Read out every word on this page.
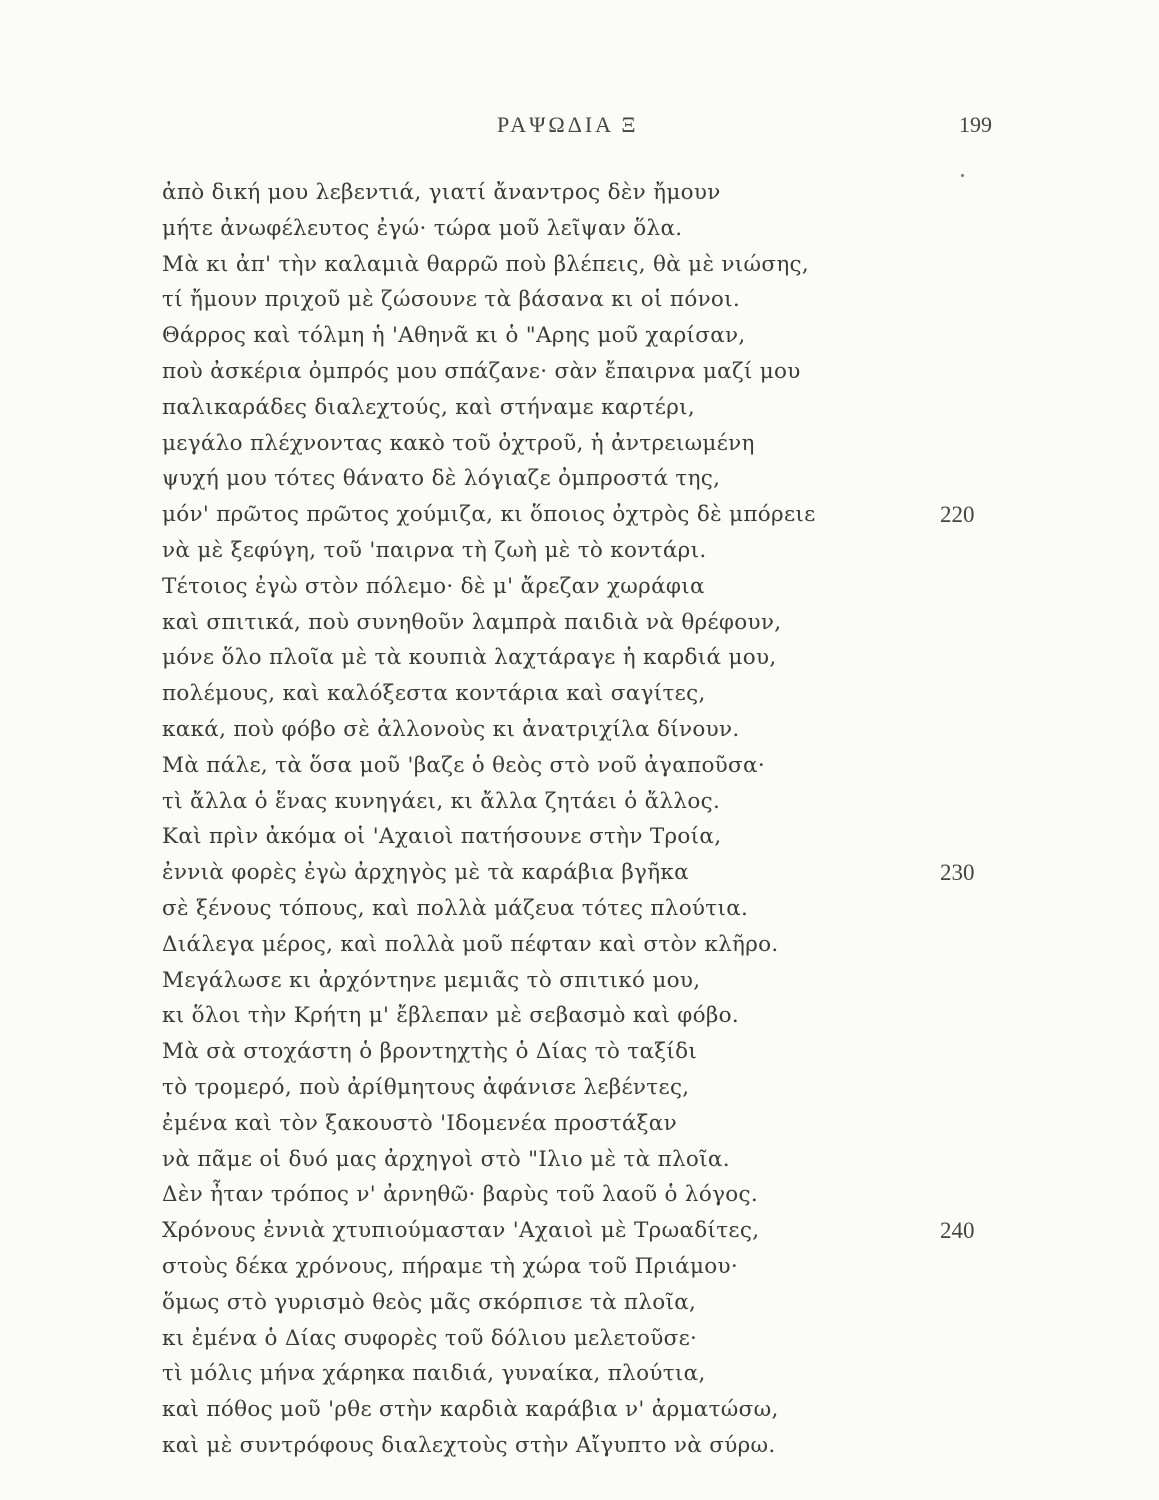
ΡΑΨΩΔΙΑ Ξ	199
ἀπὸ δική μου λεβεντιά, γιατί ἄναντρος δὲν ἤμουν
μήτε ἀνωφέλευτος ἐγώ· τώρα μοῦ λεῖψαν ὅλα.
Μὰ κι ἀπ' τὴν καλαμιὰ θαρρῶ ποὺ βλέπεις, θὰ μὲ νιώσης,
τί ἤμουν πριχοῦ μὲ ζώσουνε τὰ βάσανα κι οἱ πόνοι.
Θάρρος καὶ τόλμη ἡ 'Αθηνᾶ κι ὁ "Αρης μοῦ χαρίσαν,
ποὺ ἀσκέρια ὀμπρός μου σπάζανε· σὰν ἔπαιρνα μαζί μου
παλικαράδες διαλεχτούς, καὶ στήναμε καρτέρι,
μεγάλο πλέχνοντας κακὸ τοῦ ὀχτροῦ, ἡ ἀντρειωμένη
ψυχή μου τότες θάνατο δὲ λόγιαζε ὀμπροστά της,
μόν' πρῶτος πρῶτος χούμιζα, κι ὅποιος ὀχτρὸς δὲ μπόρειε	220
νὰ μὲ ξεφύγη, τοῦ 'παιρνα τὴ ζωὴ μὲ τὸ κοντάρι.
Τέτοιος ἐγὼ στὸν πόλεμο· δὲ μ' ἄρεζαν χωράφια
καὶ σπιτικά, ποὺ συνηθοῦν λαμπρὰ παιδιὰ νὰ θρέφουν,
μόνε ὅλο πλοῖα μὲ τὰ κουπιὰ λαχτάραγε ἡ καρδιά μου,
πολέμους, καὶ καλόξεστα κοντάρια καὶ σαγίτες,
κακά, ποὺ φόβο σὲ ἀλλονοὺς κι ἀνατριχίλα δίνουν.
Μὰ πάλε, τὰ ὅσα μοῦ 'βαζε ὁ θεὸς στὸ νοῦ ἀγαποῦσα·
τὶ ἄλλα ὁ ἕνας κυνηγάει, κι ἄλλα ζητάει ὁ ἄλλος.
Καὶ πρὶν ἀκόμα οἱ 'Αχαιοὶ πατήσουνε στὴν Τροία,
ἐννιὰ φορὲς ἐγὼ ἀρχηγὸς μὲ τὰ καράβια βγῆκα	230
σὲ ξένους τόπους, καὶ πολλὰ μάζευα τότες πλούτια.
Διάλεγα μέρος, καὶ πολλὰ μοῦ πέφταν καὶ στὸν κλῆρο.
Μεγάλωσε κι ἀρχόντηνε μεμιᾶς τὸ σπιτικό μου,
κι ὅλοι τὴν Κρήτη μ' ἔβλεπαν μὲ σεβασμὸ καὶ φόβο.
Μὰ σὰ στοχάστη ὁ βροντηχτὴς ὁ Δίας τὸ ταξίδι
τὸ τρομερό, ποὺ ἀρίθμητους ἀφάνισε λεβέντες,
ἐμένα καὶ τὸν ξακουστὸ 'Ιδομενέα προστάξαν
νὰ πᾶμε οἱ δυό μας ἀρχηγοὶ στὸ "Ιλιο μὲ τὰ πλοῖα.
Δὲν ἦταν τρόπος ν' ἀρνηθῶ· βαρὺς τοῦ λαοῦ ὁ λόγος.
Χρόνους ἐννιὰ χτυπιούμασταν 'Αχαιοὶ μὲ Τρωαδίτες,	240
στοὺς δέκα χρόνους, πήραμε τὴ χώρα τοῦ Πριάμου·
ὅμως στὸ γυρισμὸ θεὸς μᾶς σκόρπισε τὰ πλοῖα,
κι ἐμένα ὁ Δίας συφορὲς τοῦ δόλιου μελετοῦσε·
τὶ μόλις μήνα χάρηκα παιδιά, γυναίκα, πλούτια,
καὶ πόθος μοῦ 'ρθε στὴν καρδιὰ καράβια ν' ἀρματώσω,
καὶ μὲ συντρόφους διαλεχτοὺς στὴν Αἴγυπτο νὰ σύρω.
